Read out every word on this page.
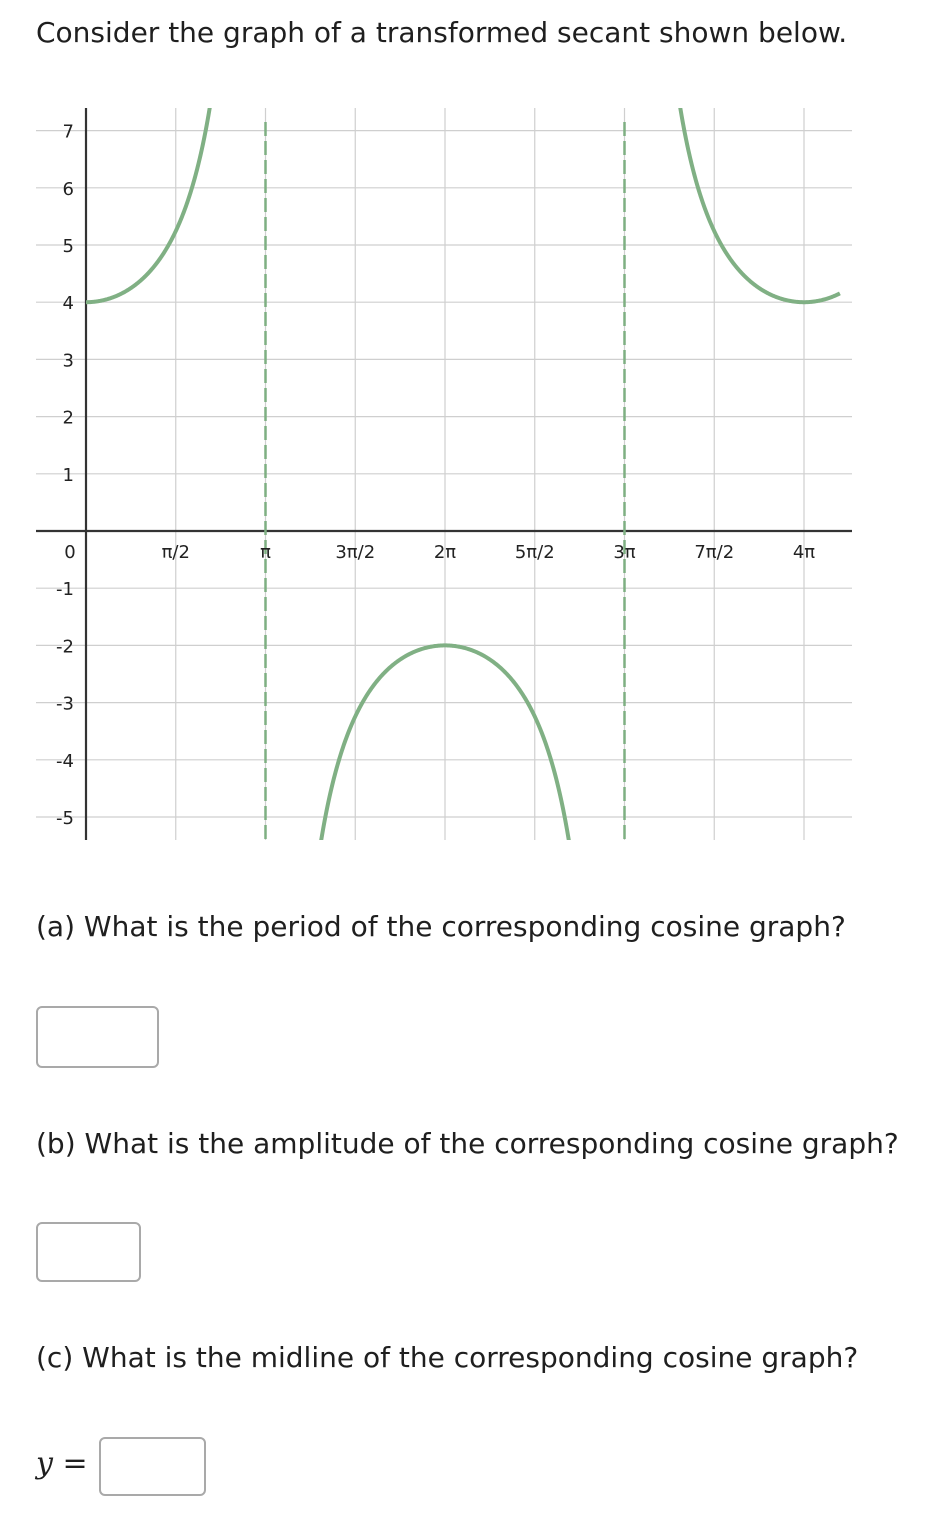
Consider the graph of a transformed secant shown below.
0	π/2	π	3π/2	2π	5π/2	3π	7π/2	4π
7
6
5
4
3
2
1
-1
-2
-3
-4
-5
(a) What is the period of the corresponding cosine graph?
(b) What is the amplitude of the corresponding cosine graph?
(c) What is the midline of the corresponding cosine graph?
y =
